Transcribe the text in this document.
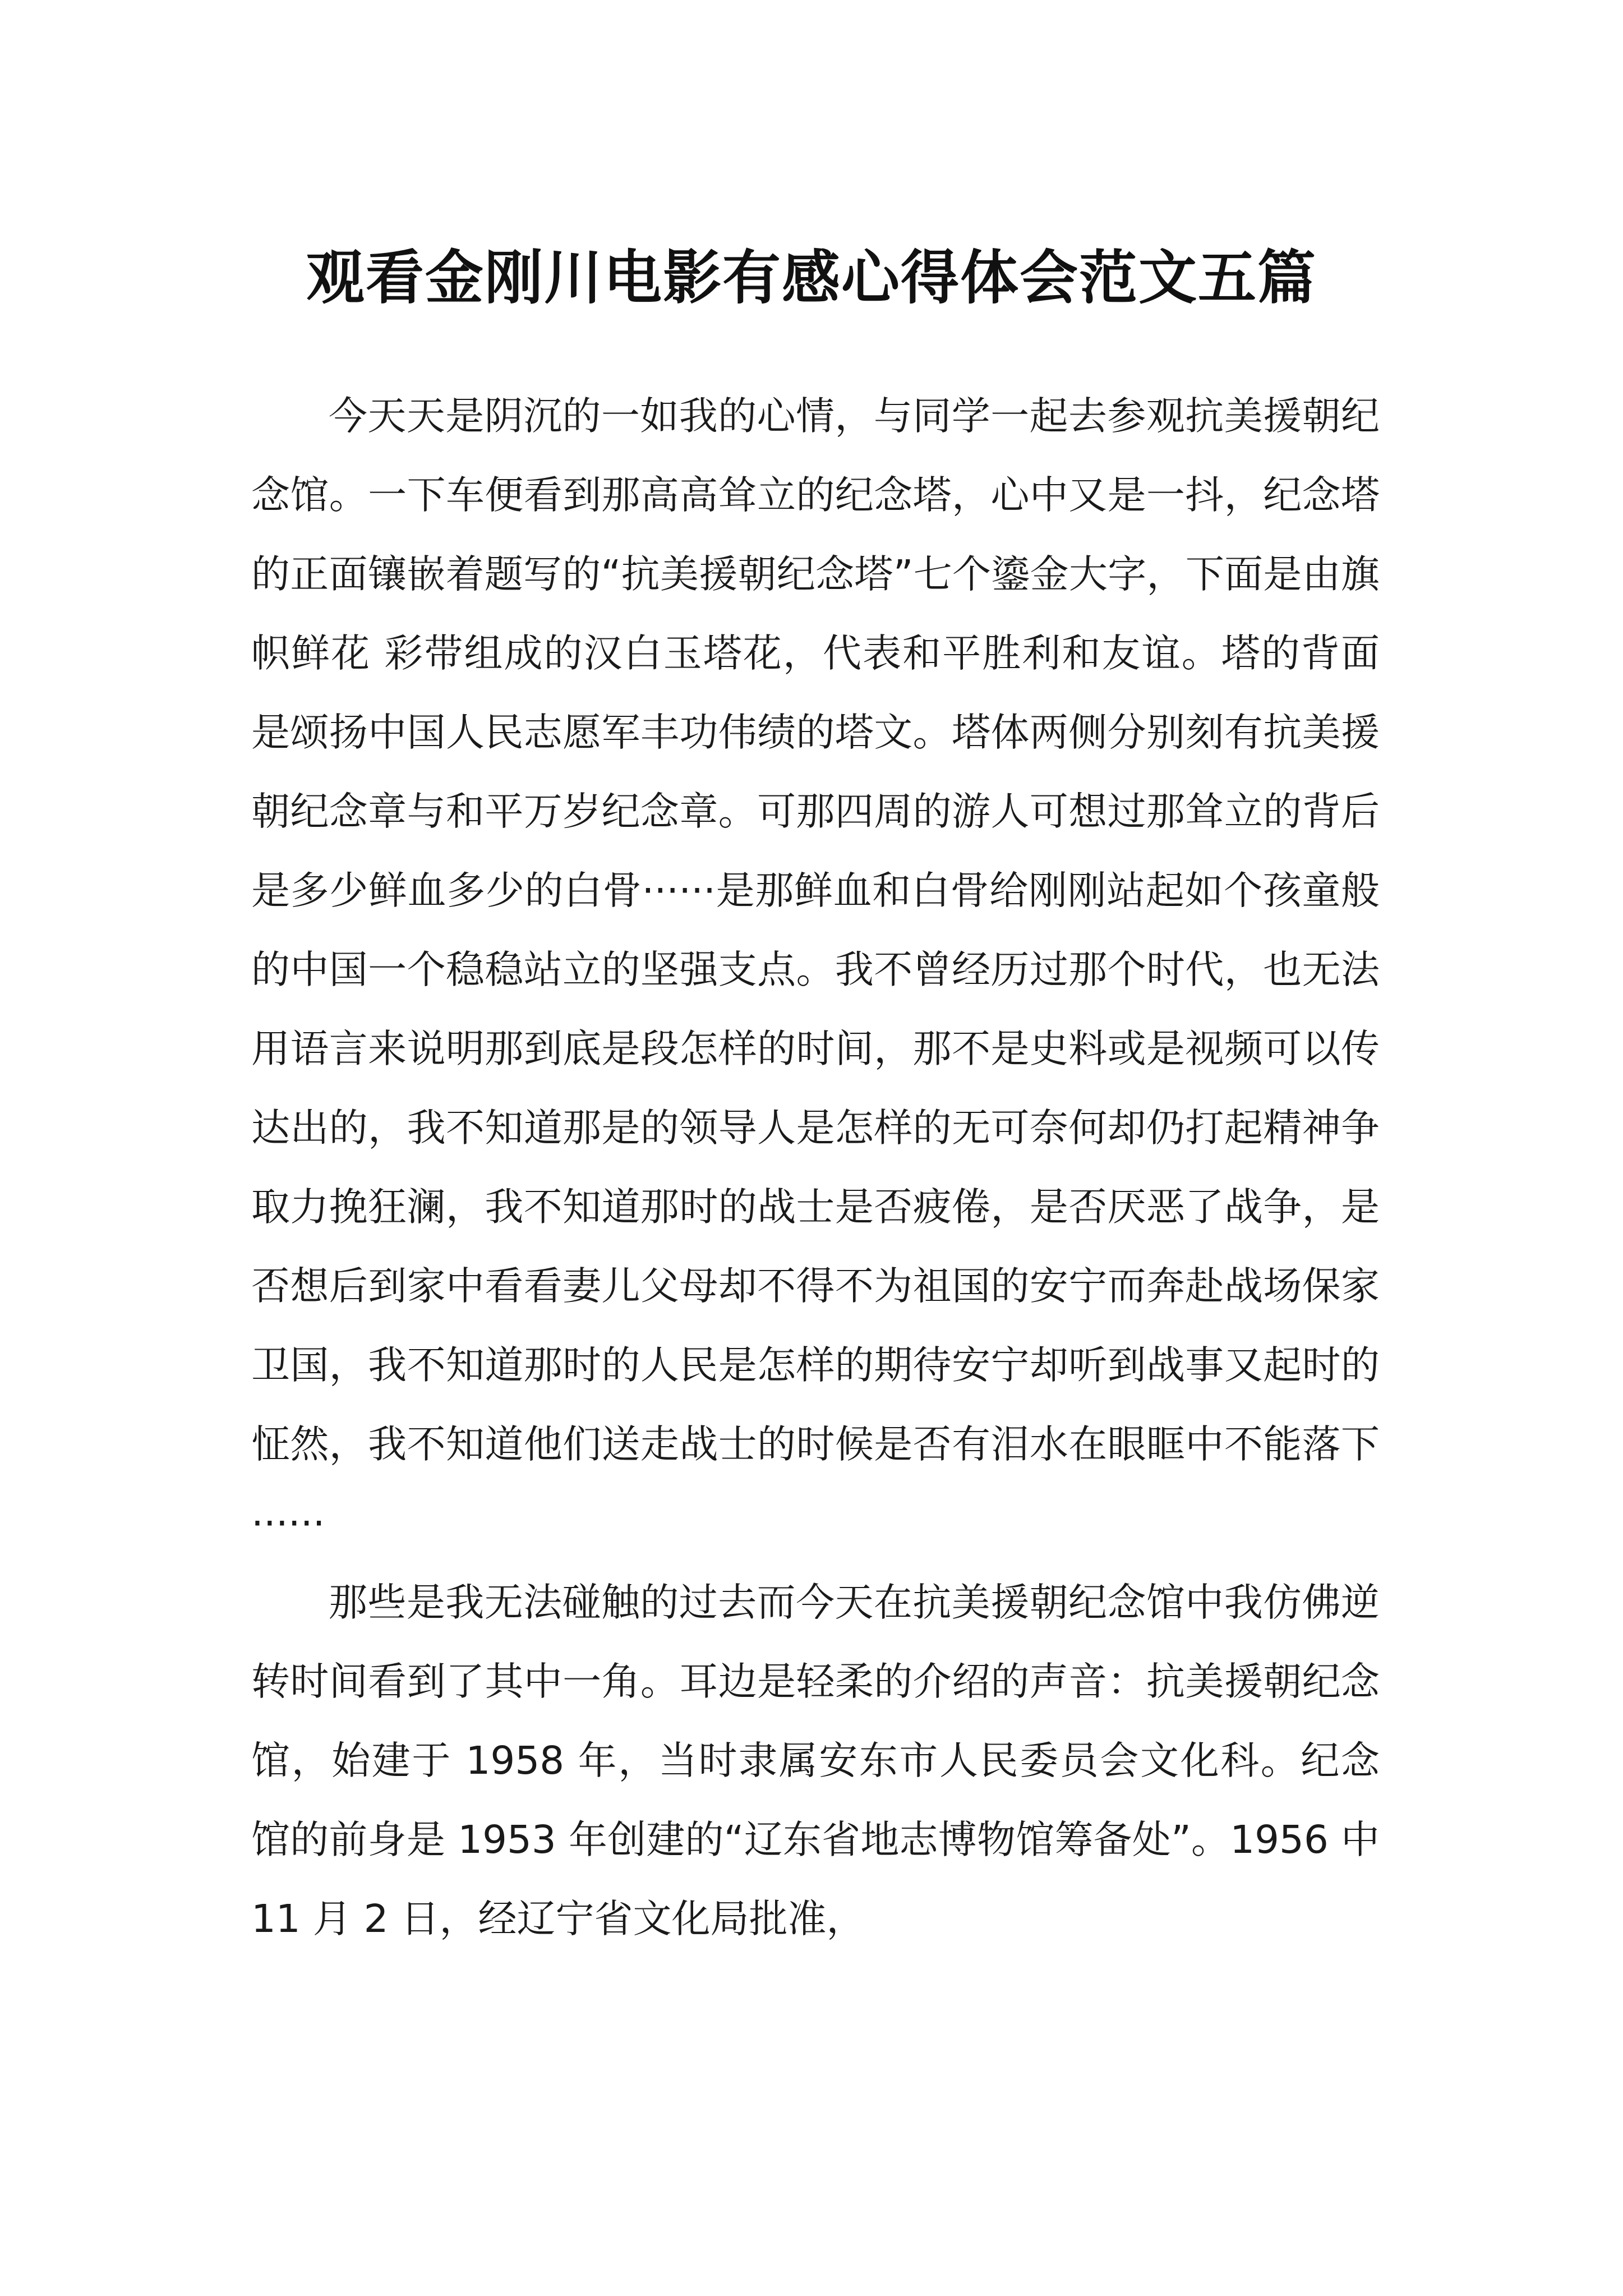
观看金刚川电影有感心得体会范文五篇

今天天是阴沉的一如我的心情，与同学一起去参观抗美援朝纪念馆。一下车便看到那高高耸立的纪念塔，心中又是一抖，纪念塔的正面镶嵌着题写的“抗美援朝纪念塔”七个鎏金大字，下面是由旗帜鲜花 彩带组成的汉白玉塔花，代表和平胜利和友谊。塔的背面是颂扬中国人民志愿军丰功伟绩的塔文。塔体两侧分别刻有抗美援朝纪念章与和平万岁纪念章。可那四周的游人可想过那耸立的背后是多少鲜血多少的白骨······是那鲜血和白骨给刚刚站起如个孩童般的中国一个稳稳站立的坚强支点。我不曾经历过那个时代，也无法用语言来说明那到底是段怎样的时间，那不是史料或是视频可以传达出的，我不知道那是的领导人是怎样的无可奈何却仍打起精神争取力挽狂澜，我不知道那时的战士是否疲倦，是否厌恶了战争，是否想后到家中看看妻儿父母却不得不为祖国的安宁而奔赴战场保家卫国，我不知道那时的人民是怎样的期待安宁却听到战事又起时的怔然，我不知道他们送走战士的时候是否有泪水在眼眶中不能落下······

那些是我无法碰触的过去而今天在抗美援朝纪念馆中我仿佛逆转时间看到了其中一角。耳边是轻柔的介绍的声音：抗美援朝纪念馆，始建于 1958 年，当时隶属安东市人民委员会文化科。纪念馆的前身是 1953 年创建的“辽东省地志博物馆筹备处”。1956 中 11 月 2 日，经辽宁省文化局批准，
